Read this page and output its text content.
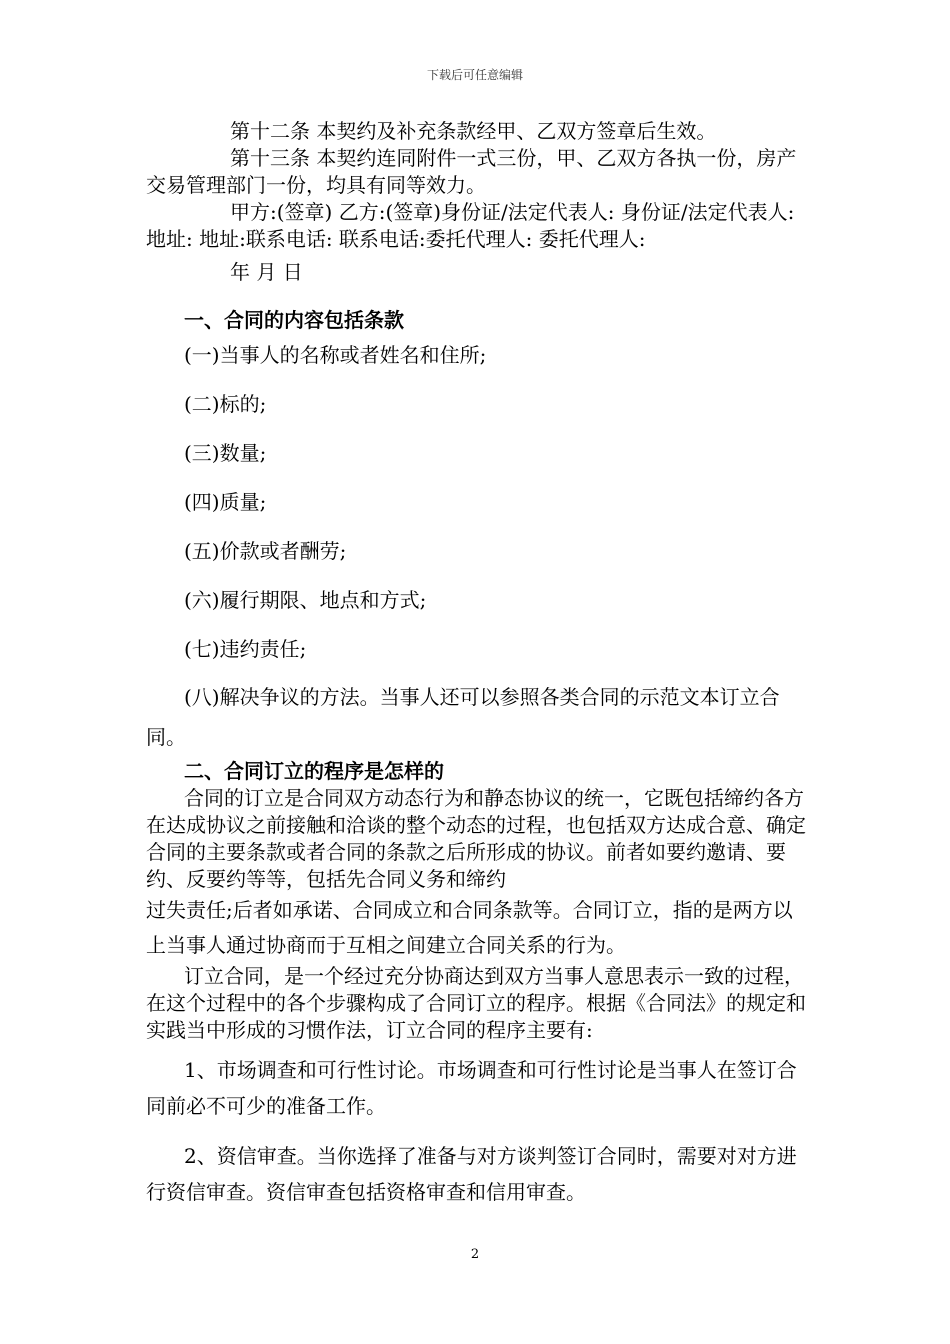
下载后可任意编辑

第十二条 本契约及补充条款经甲、乙双方签章后生效。

第十三条 本契约连同附件一式三份，甲、乙双方各执一份，房产交易管理部门一份，均具有同等效力。

甲方:(签章) 乙方:(签章)身份证/法定代表人: 身份证/法定代表人:地址: 地址:联系电话: 联系电话:委托代理人: 委托代理人:

年 月 日

一、合同的内容包括条款

(一)当事人的名称或者姓名和住所;

(二)标的;

(三)数量;

(四)质量;

(五)价款或者酬劳;

(六)履行期限、地点和方式;

(七)违约责任;

(八)解决争议的方法。当事人还可以参照各类合同的示范文本订立合同。

二、合同订立的程序是怎样的

合同的订立是合同双方动态行为和静态协议的统一，它既包括缔约各方在达成协议之前接触和洽谈的整个动态的过程，也包括双方达成合意、确定合同的主要条款或者合同的条款之后所形成的协议。前者如要约邀请、要约、反要约等等，包括先合同义务和缔约

过失责任;后者如承诺、合同成立和合同条款等。合同订立，指的是两方以上当事人通过协商而于互相之间建立合同关系的行为。

订立合同，是一个经过充分协商达到双方当事人意思表示一致的过程，在这个过程中的各个步骤构成了合同订立的程序。根据《合同法》的规定和实践当中形成的习惯作法，订立合同的程序主要有:

1、市场调查和可行性讨论。市场调查和可行性讨论是当事人在签订合同前必不可少的准备工作。

2、资信审查。当你选择了准备与对方谈判签订合同时，需要对对方进行资信审查。资信审查包括资格审查和信用审查。

2
